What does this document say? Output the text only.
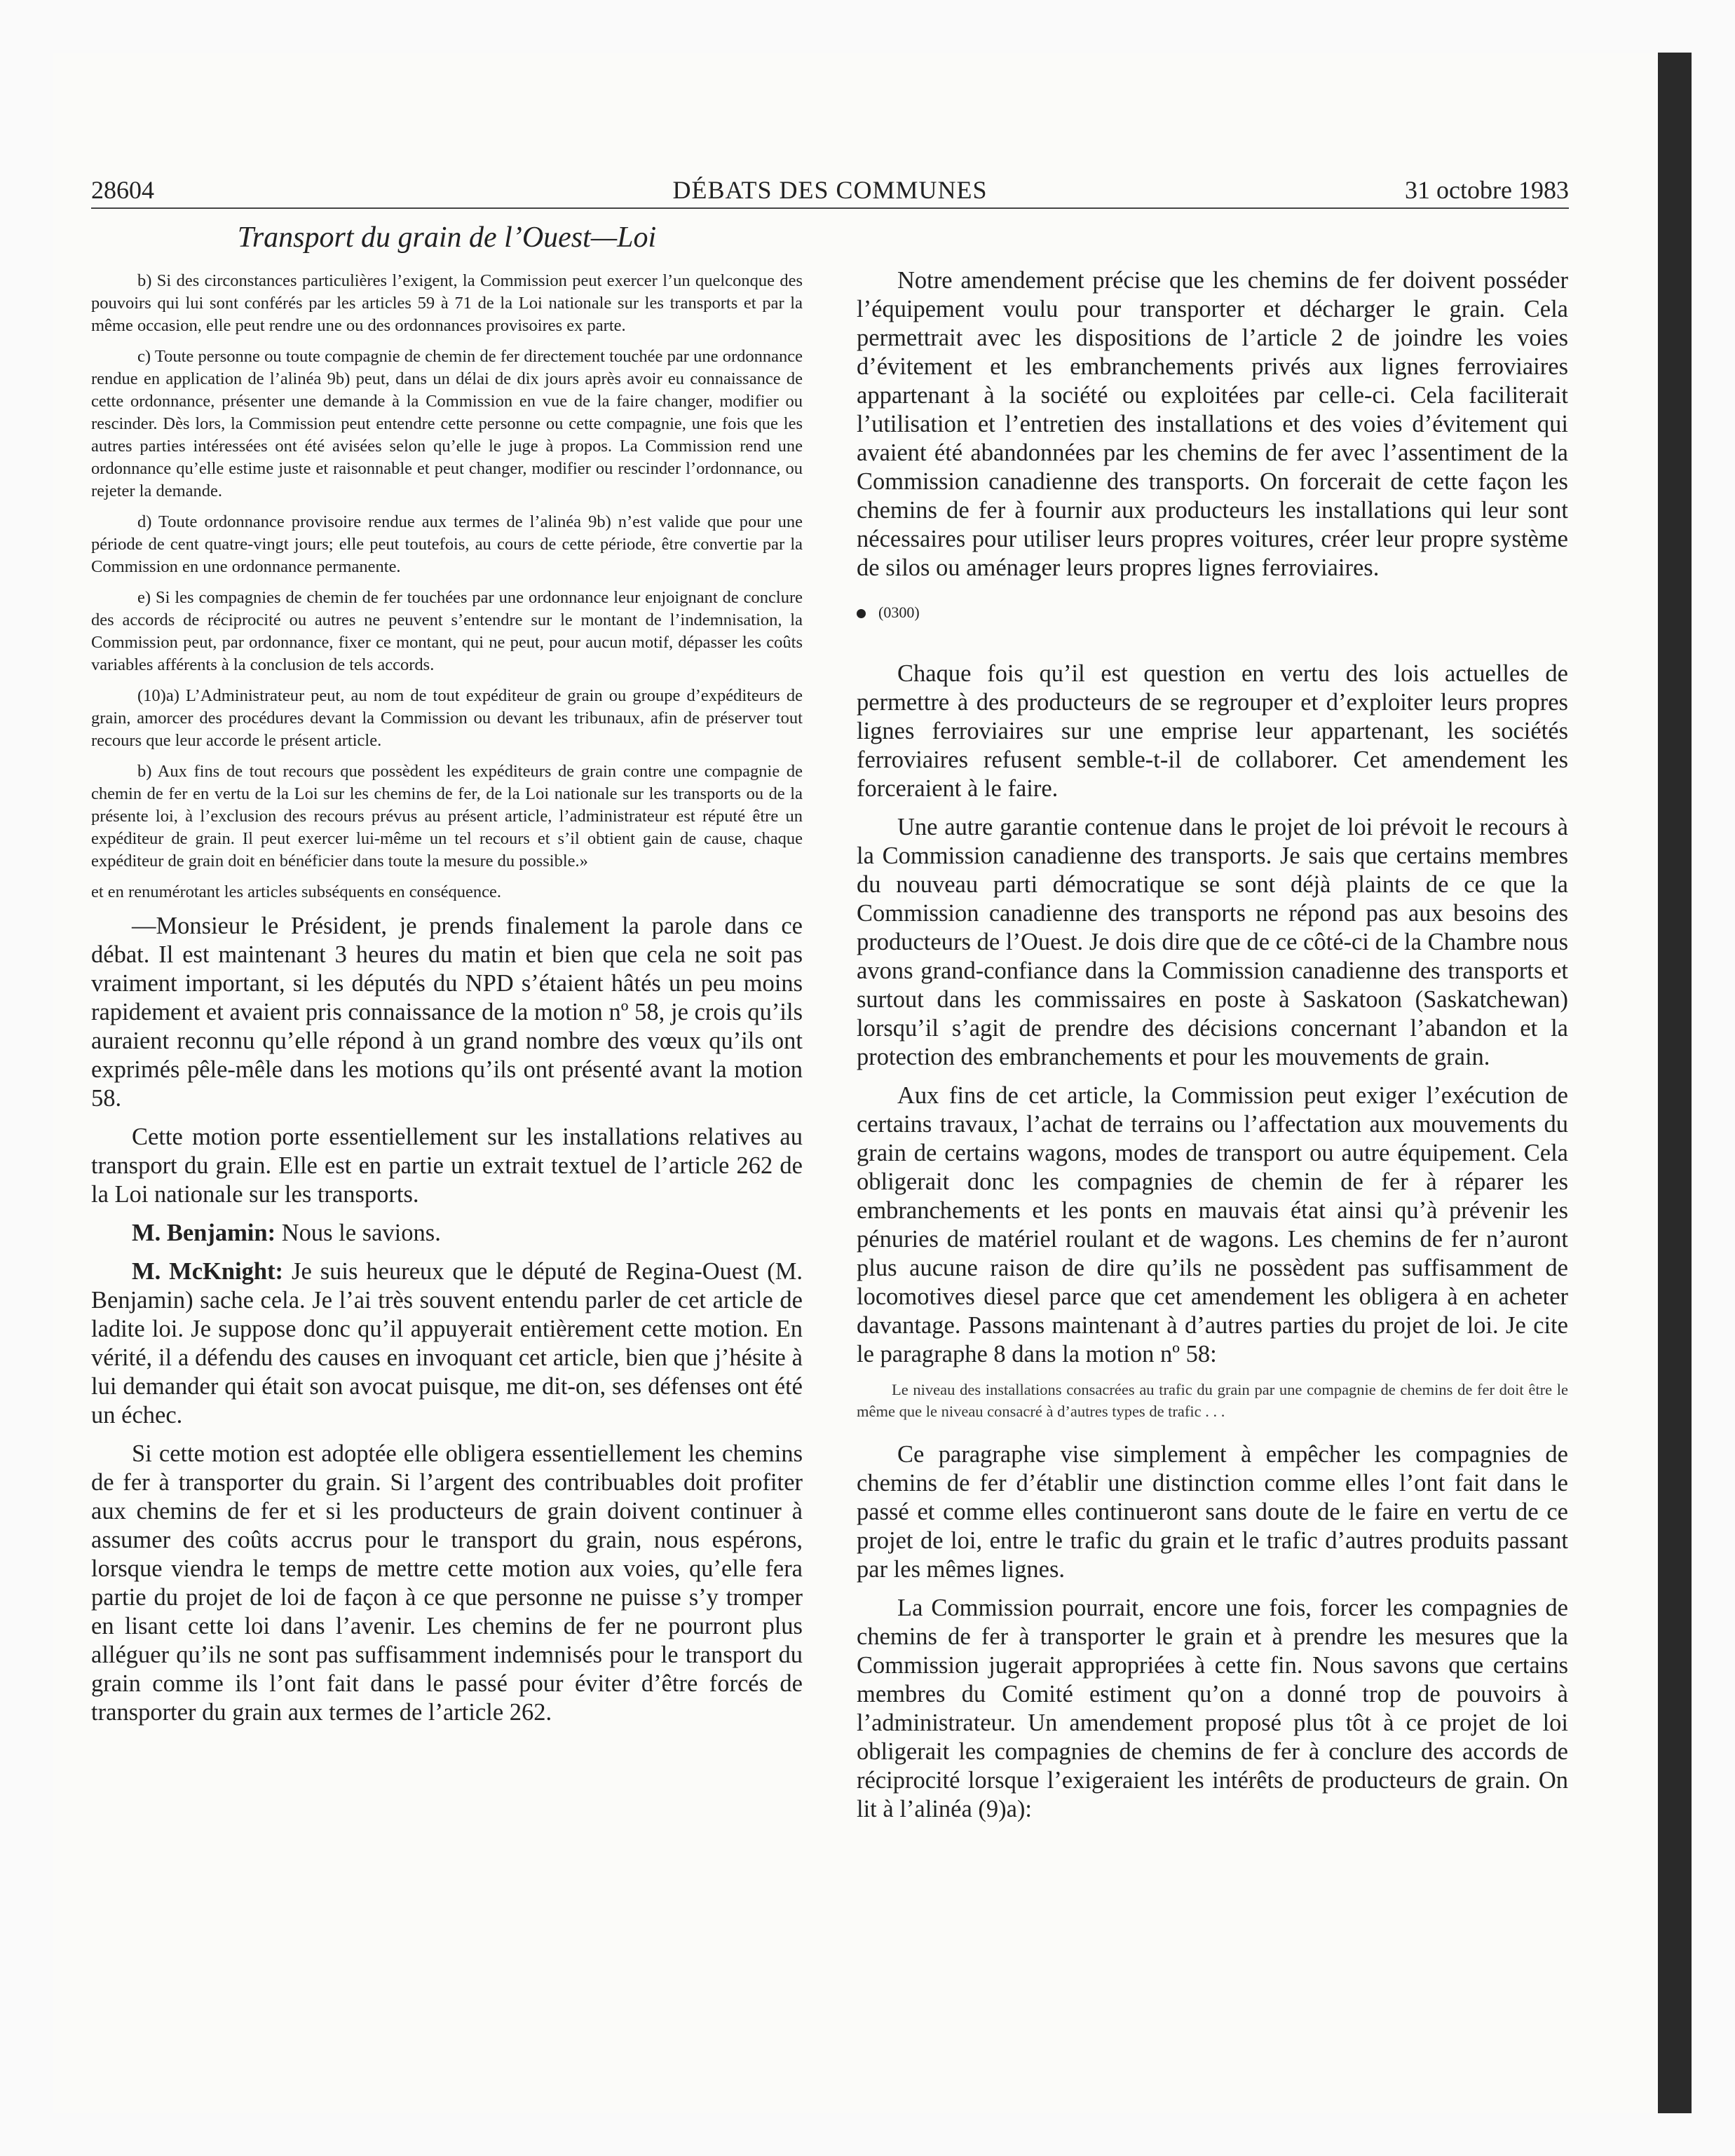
28604	DÉBATS DES COMMUNES	31 octobre 1983
Transport du grain de l’Ouest—Loi

b) Si des circonstances particulières l’exigent, la Commission peut exercer l’un quelconque des pouvoirs qui lui sont conférés par les articles 59 à 71 de la Loi nationale sur les transports et par la même occasion, elle peut rendre une ou des ordonnances provisoires ex parte.

c) Toute personne ou toute compagnie de chemin de fer directement touchée par une ordonnance rendue en application de l’alinéa 9b) peut, dans un délai de dix jours après avoir eu connaissance de cette ordonnance, présenter une demande à la Commission en vue de la faire changer, modifier ou rescinder. Dès lors, la Commission peut entendre cette personne ou cette compagnie, une fois que les autres parties intéressées ont été avisées selon qu’elle le juge à propos. La Commission rend une ordonnance qu’elle estime juste et raisonnable et peut changer, modifier ou rescinder l’ordonnance, ou rejeter la demande.

d) Toute ordonnance provisoire rendue aux termes de l’alinéa 9b) n’est valide que pour une période de cent quatre-vingt jours; elle peut toutefois, au cours de cette période, être convertie par la Commission en une ordonnance permanente.

e) Si les compagnies de chemin de fer touchées par une ordonnance leur enjoignant de conclure des accords de réciprocité ou autres ne peuvent s’entendre sur le montant de l’indemnisation, la Commission peut, par ordonnance, fixer ce montant, qui ne peut, pour aucun motif, dépasser les coûts variables afférents à la conclusion de tels accords.

(10)a) L’Administrateur peut, au nom de tout expéditeur de grain ou groupe d’expéditeurs de grain, amorcer des procédures devant la Commission ou devant les tribunaux, afin de préserver tout recours que leur accorde le présent article.

b) Aux fins de tout recours que possèdent les expéditeurs de grain contre une compagnie de chemin de fer en vertu de la Loi sur les chemins de fer, de la Loi nationale sur les transports ou de la présente loi, à l’exclusion des recours prévus au présent article, l’administrateur est réputé être un expéditeur de grain. Il peut exercer lui-même un tel recours et s’il obtient gain de cause, chaque expéditeur de grain doit en bénéficier dans toute la mesure du possible.»

et en renumérotant les articles subséquents en conséquence.

—Monsieur le Président, je prends finalement la parole dans ce débat. Il est maintenant 3 heures du matin et bien que cela ne soit pas vraiment important, si les députés du NPD s’étaient hâtés un peu moins rapidement et avaient pris connaissance de la motion nº 58, je crois qu’ils auraient reconnu qu’elle répond à un grand nombre des vœux qu’ils ont exprimés pêle-mêle dans les motions qu’ils ont présenté avant la motion 58.

Cette motion porte essentiellement sur les installations relatives au transport du grain. Elle est en partie un extrait textuel de l’article 262 de la Loi nationale sur les transports.

M. Benjamin: Nous le savions.

M. McKnight: Je suis heureux que le député de Regina-Ouest (M. Benjamin) sache cela. Je l’ai très souvent entendu parler de cet article de ladite loi. Je suppose donc qu’il appuyerait entièrement cette motion. En vérité, il a défendu des causes en invoquant cet article, bien que j’hésite à lui demander qui était son avocat puisque, me dit-on, ses défenses ont été un échec.

Si cette motion est adoptée elle obligera essentiellement les chemins de fer à transporter du grain. Si l’argent des contribuables doit profiter aux chemins de fer et si les producteurs de grain doivent continuer à assumer des coûts accrus pour le transport du grain, nous espérons, lorsque viendra le temps de mettre cette motion aux voies, qu’elle fera partie du projet de loi de façon à ce que personne ne puisse s’y tromper en lisant cette loi dans l’avenir. Les chemins de fer ne pourront plus alléguer qu’ils ne sont pas suffisamment indemnisés pour le transport du grain comme ils l’ont fait dans le passé pour éviter d’être forcés de transporter du grain aux termes de l’article 262.

Notre amendement précise que les chemins de fer doivent posséder l’équipement voulu pour transporter et décharger le grain. Cela permettrait avec les dispositions de l’article 2 de joindre les voies d’évitement et les embranchements privés aux lignes ferroviaires appartenant à la société ou exploitées par celle-ci. Cela faciliterait l’utilisation et l’entretien des installations et des voies d’évitement qui avaient été abandonnées par les chemins de fer avec l’assentiment de la Commission canadienne des transports. On forcerait de cette façon les chemins de fer à fournir aux producteurs les installations qui leur sont nécessaires pour utiliser leurs propres voitures, créer leur propre système de silos ou aménager leurs propres lignes ferroviaires.

(0300)

Chaque fois qu’il est question en vertu des lois actuelles de permettre à des producteurs de se regrouper et d’exploiter leurs propres lignes ferroviaires sur une emprise leur appartenant, les sociétés ferroviaires refusent semble-t-il de collaborer. Cet amendement les forceraient à le faire.

Une autre garantie contenue dans le projet de loi prévoit le recours à la Commission canadienne des transports. Je sais que certains membres du nouveau parti démocratique se sont déjà plaints de ce que la Commission canadienne des transports ne répond pas aux besoins des producteurs de l’Ouest. Je dois dire que de ce côté-ci de la Chambre nous avons grand-confiance dans la Commission canadienne des transports et surtout dans les commissaires en poste à Saskatoon (Saskatchewan) lorsqu’il s’agit de prendre des décisions concernant l’abandon et la protection des embranchements et pour les mouvements de grain.

Aux fins de cet article, la Commission peut exiger l’exécution de certains travaux, l’achat de terrains ou l’affectation aux mouvements du grain de certains wagons, modes de transport ou autre équipement. Cela obligerait donc les compagnies de chemin de fer à réparer les embranchements et les ponts en mauvais état ainsi qu’à prévenir les pénuries de matériel roulant et de wagons. Les chemins de fer n’auront plus aucune raison de dire qu’ils ne possèdent pas suffisamment de locomotives diesel parce que cet amendement les obligera à en acheter davantage. Passons maintenant à d’autres parties du projet de loi. Je cite le paragraphe 8 dans la motion nº 58:

Le niveau des installations consacrées au trafic du grain par une compagnie de chemins de fer doit être le même que le niveau consacré à d’autres types de trafic . . .

Ce paragraphe vise simplement à empêcher les compagnies de chemins de fer d’établir une distinction comme elles l’ont fait dans le passé et comme elles continueront sans doute de le faire en vertu de ce projet de loi, entre le trafic du grain et le trafic d’autres produits passant par les mêmes lignes.

La Commission pourrait, encore une fois, forcer les compagnies de chemins de fer à transporter le grain et à prendre les mesures que la Commission jugerait appropriées à cette fin. Nous savons que certains membres du Comité estiment qu’on a donné trop de pouvoirs à l’administrateur. Un amendement proposé plus tôt à ce projet de loi obligerait les compagnies de chemins de fer à conclure des accords de réciprocité lorsque l’exigeraient les intérêts de producteurs de grain. On lit à l’alinéa (9)a):
